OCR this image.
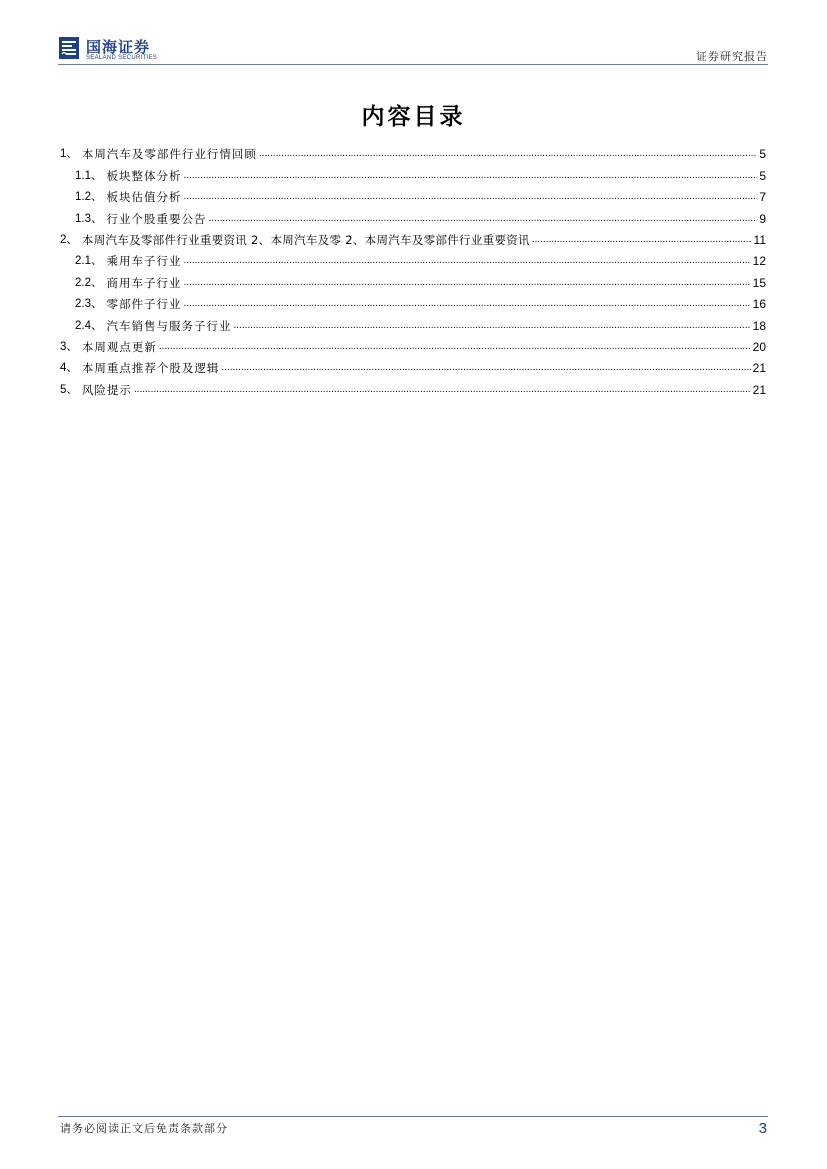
国海证券
SEALAND SECURITIES	证券研究报告
内容目录
1、 本周汽车及零部件行业行情回顾 .....	5
1.1、 板块整体分析 .....	5
1.2、 板块估值分析 .....	7
1.3、 行业个股重要公告 .....	9
2、 本周汽车及零部件行业重要资讯 2、本周汽车及零 2、本周汽车及零部件行业重要资讯 .....	11
2.1、 乘用车子行业 .....	12
2.2、 商用车子行业 .....	15
2.3、 零部件子行业 .....	16
2.4、 汽车销售与服务子行业 .....	18
3、 本周观点更新 .....	20
4、 本周重点推荐个股及逻辑 .....	21
5、 风险提示 .....	21
请务必阅读正文后免责条款部分	3
